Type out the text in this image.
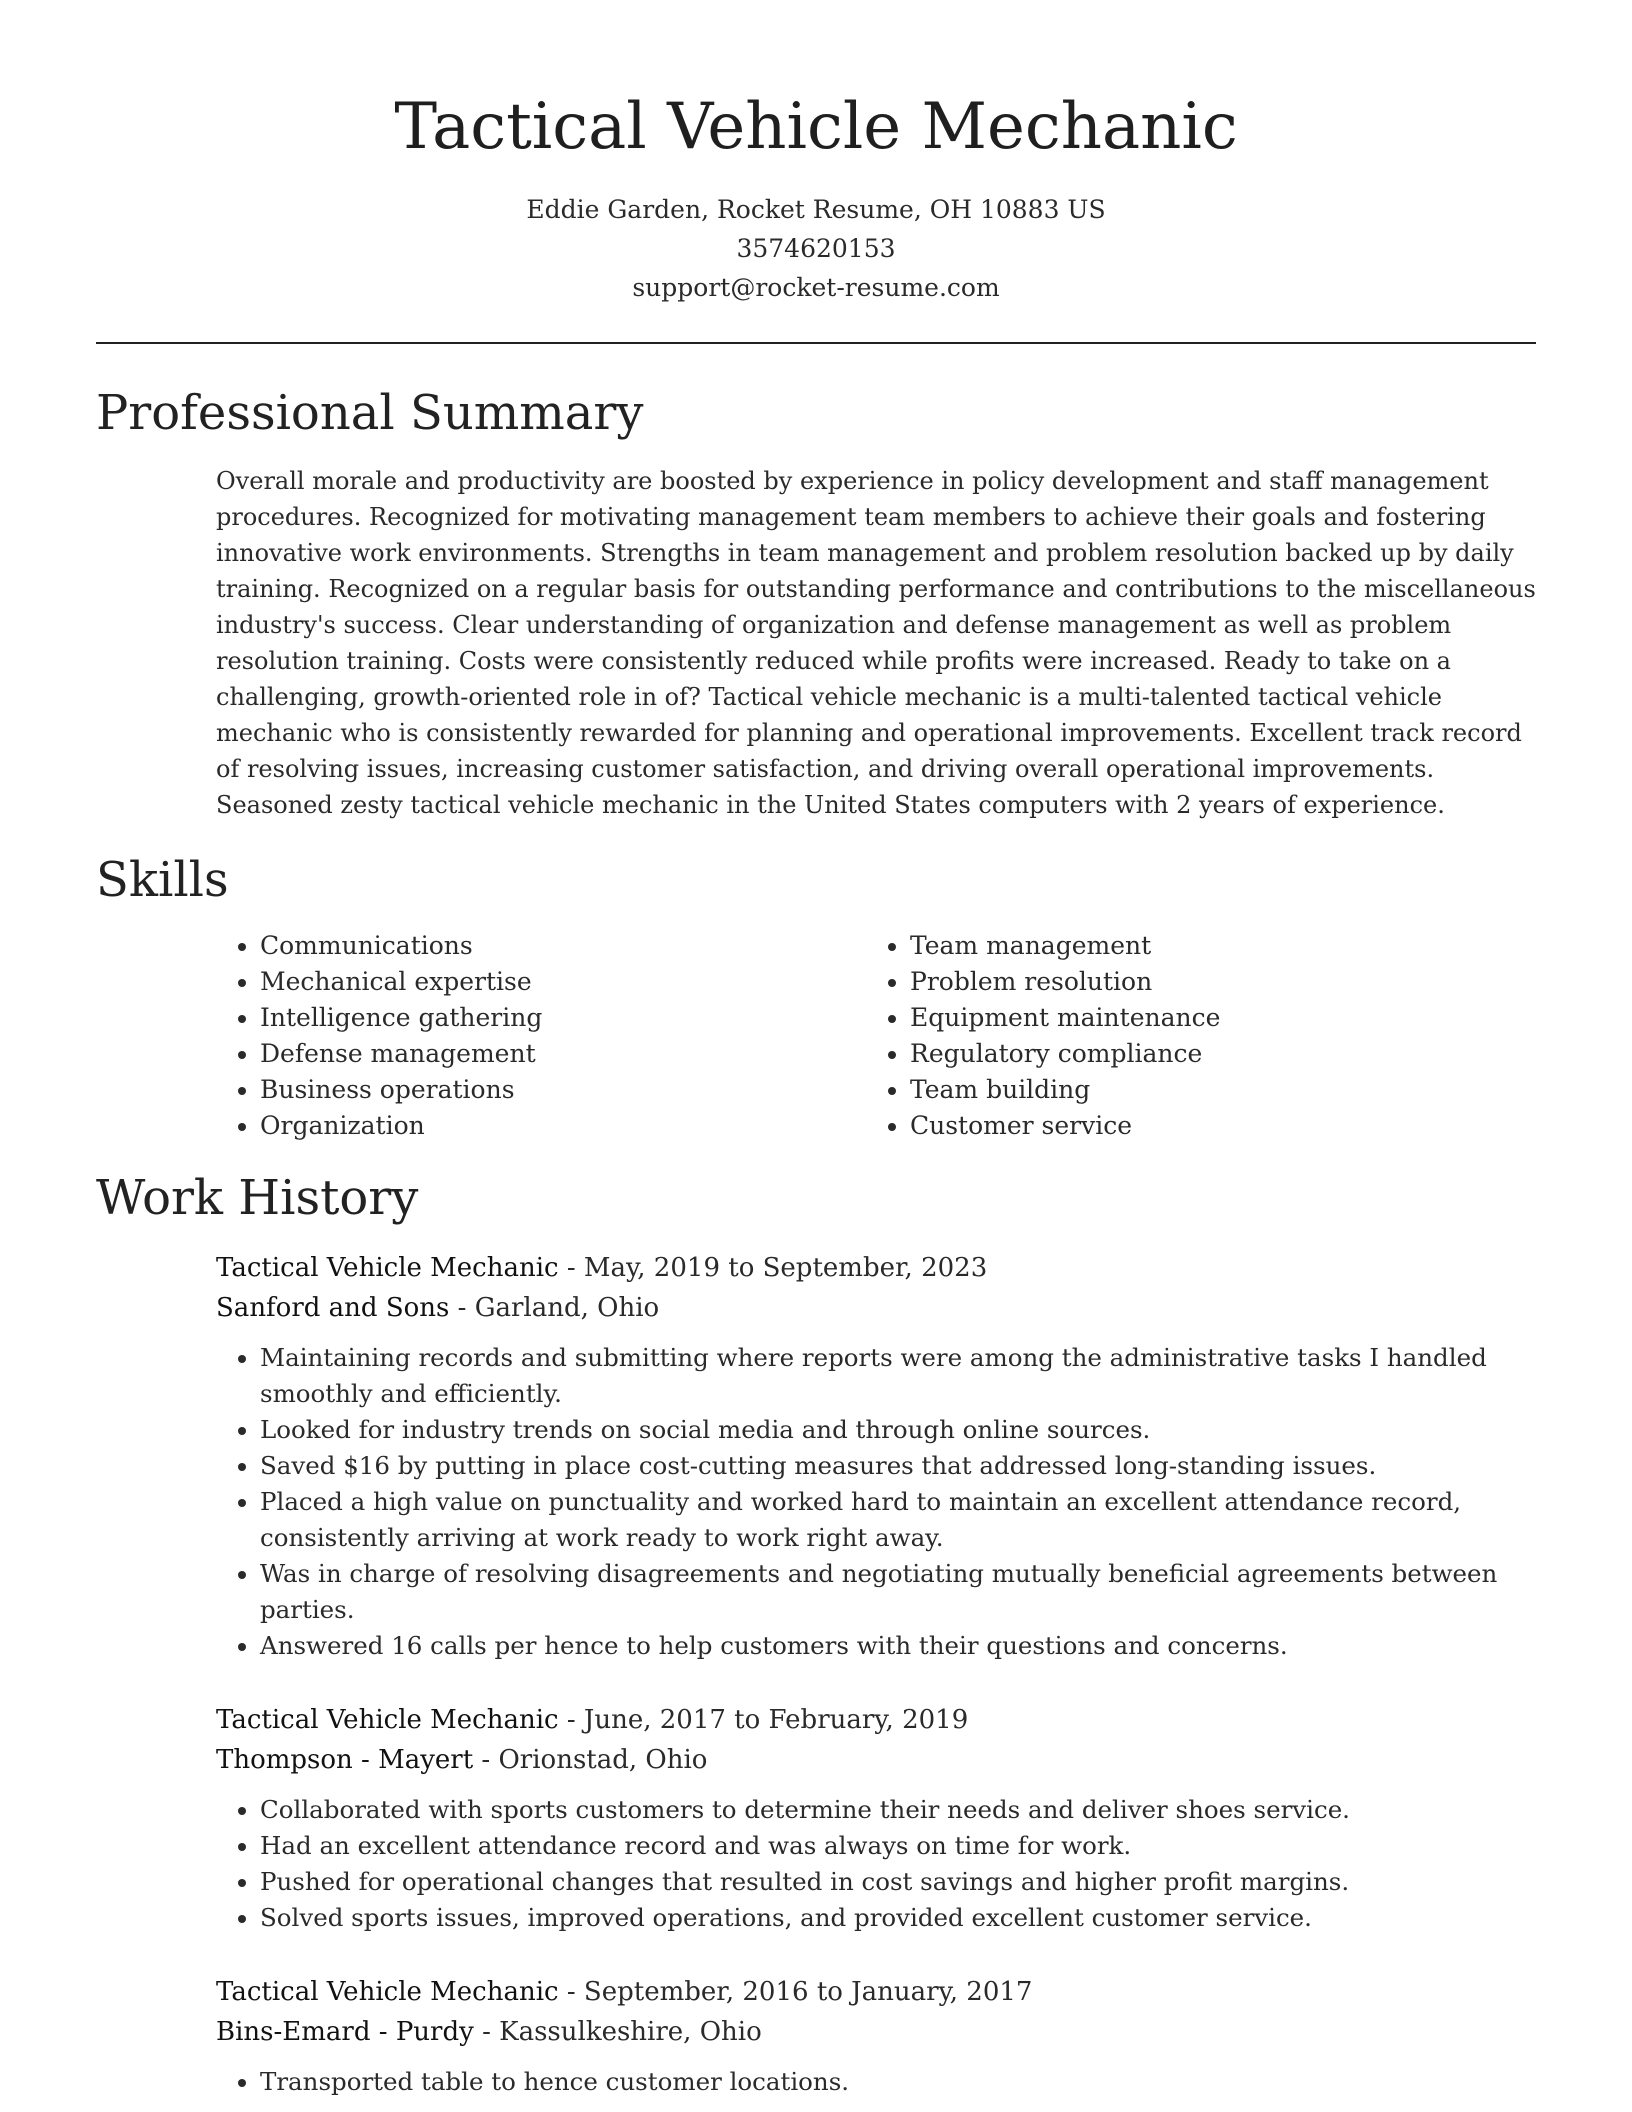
Tactical Vehicle Mechanic
Eddie Garden, Rocket Resume, OH 10883 US
3574620153
support@rocket-resume.com
Professional Summary

Overall morale and productivity are boosted by experience in policy development and staff management procedures. Recognized for motivating management team members to achieve their goals and fostering innovative work environments. Strengths in team management and problem resolution backed up by daily training. Recognized on a regular basis for outstanding performance and contributions to the miscellaneous industry's success. Clear understanding of organization and defense management as well as problem resolution training. Costs were consistently reduced while profits were increased. Ready to take on a challenging, growth-oriented role in of? Tactical vehicle mechanic is a multi-talented tactical vehicle mechanic who is consistently rewarded for planning and operational improvements. Excellent track record of resolving issues, increasing customer satisfaction, and driving overall operational improvements. Seasoned zesty tactical vehicle mechanic in the United States computers with 2 years of experience.

Skills
• Communications
• Mechanical expertise
• Intelligence gathering
• Defense management
• Business operations
• Organization
• Team management
• Problem resolution
• Equipment maintenance
• Regulatory compliance
• Team building
• Customer service
Work History
Tactical Vehicle Mechanic - May, 2019 to September, 2023
Sanford and Sons - Garland, Ohio
• Maintaining records and submitting where reports were among the administrative tasks I handled smoothly and efficiently.
• Looked for industry trends on social media and through online sources.
• Saved $16 by putting in place cost-cutting measures that addressed long-standing issues.
• Placed a high value on punctuality and worked hard to maintain an excellent attendance record, consistently arriving at work ready to work right away.
• Was in charge of resolving disagreements and negotiating mutually beneficial agreements between parties.
• Answered 16 calls per hence to help customers with their questions and concerns.
Tactical Vehicle Mechanic - June, 2017 to February, 2019
Thompson - Mayert - Orionstad, Ohio
• Collaborated with sports customers to determine their needs and deliver shoes service.
• Had an excellent attendance record and was always on time for work.
• Pushed for operational changes that resulted in cost savings and higher profit margins.
• Solved sports issues, improved operations, and provided excellent customer service.
Tactical Vehicle Mechanic - September, 2016 to January, 2017
Bins-Emard - Purdy - Kassulkeshire, Ohio
• Transported table to hence customer locations.
